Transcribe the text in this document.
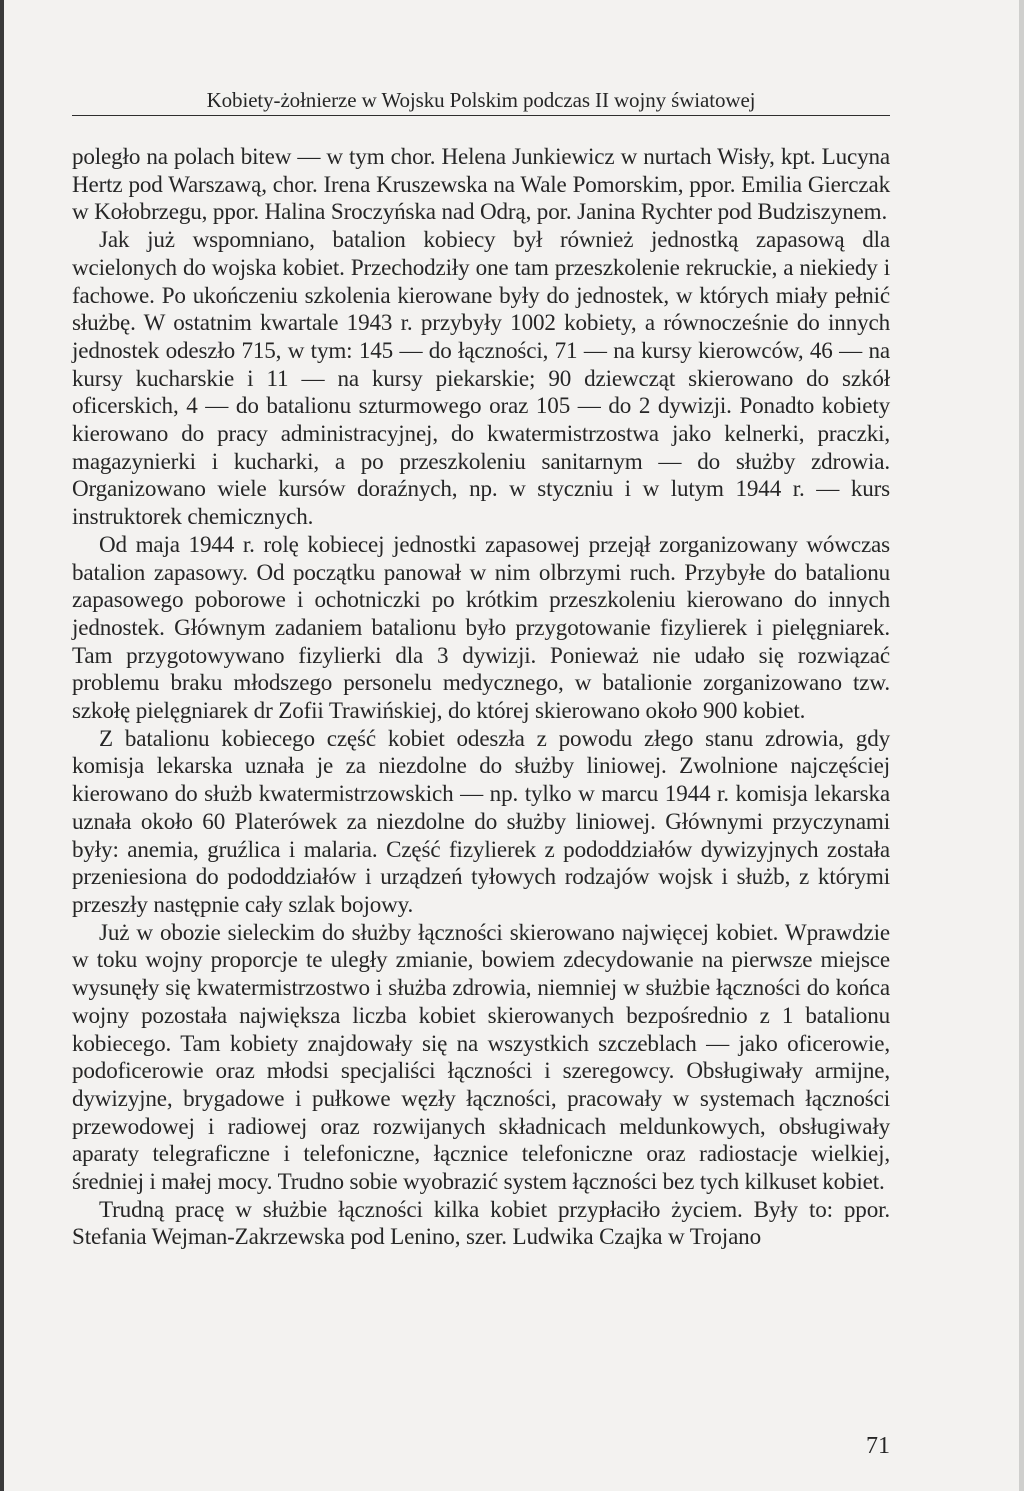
Kobiety-żołnierze w Wojsku Polskim podczas II wojny światowej

poległo na polach bitew — w tym chor. Helena Junkiewicz w nurtach Wisły, kpt. Lucyna Hertz pod Warszawą, chor. Irena Kruszewska na Wale Pomorskim, ppor. Emilia Gierczak w Kołobrzegu, ppor. Halina Sroczyńska nad Odrą, por. Janina Rychter pod Budziszynem.

Jak już wspomniano, batalion kobiecy był również jednostką zapasową dla wcielonych do wojska kobiet. Przechodziły one tam przeszkolenie rekruckie, a niekiedy i fachowe. Po ukończeniu szkolenia kierowane były do jednostek, w których miały pełnić służbę. W ostatnim kwartale 1943 r. przybyły 1002 kobiety, a równocześnie do innych jednostek odeszło 715, w tym: 145 — do łączności, 71 — na kursy kierowców, 46 — na kursy kucharskie i 11 — na kursy piekarskie; 90 dziewcząt skierowano do szkół oficerskich, 4 — do batalionu szturmowego oraz 105 — do 2 dywizji. Ponadto kobiety kierowano do pracy administracyjnej, do kwatermistrzostwa jako kelnerki, praczki, magazynierki i kucharki, a po przeszkoleniu sanitarnym — do służby zdrowia. Organizowano wiele kursów doraźnych, np. w styczniu i w lutym 1944 r. — kurs instruktorek chemicznych.

Od maja 1944 r. rolę kobiecej jednostki zapasowej przejął zorganizowany wówczas batalion zapasowy. Od początku panował w nim olbrzymi ruch. Przybyłe do batalionu zapasowego poborowe i ochotniczki po krótkim przeszkoleniu kierowano do innych jednostek. Głównym zadaniem batalionu było przygotowanie fizylierek i pielęgniarek. Tam przygotowywano fizylierki dla 3 dywizji. Ponieważ nie udało się rozwiązać problemu braku młodszego personelu medycznego, w batalionie zorganizowano tzw. szkołę pielęgniarek dr Zofii Trawińskiej, do której skierowano około 900 kobiet.

Z batalionu kobiecego część kobiet odeszła z powodu złego stanu zdrowia, gdy komisja lekarska uznała je za niezdolne do służby liniowej. Zwolnione najczęściej kierowano do służb kwatermistrzowskich — np. tylko w marcu 1944 r. komisja lekarska uznała około 60 Platerówek za niezdolne do służby liniowej. Głównymi przyczynami były: anemia, gruźlica i malaria. Część fizylierek z pododdziałów dywizyjnych została przeniesiona do pododdziałów i urządzeń tyłowych rodzajów wojsk i służb, z którymi przeszły następnie cały szlak bojowy.

Już w obozie sieleckim do służby łączności skierowano najwięcej kobiet. Wprawdzie w toku wojny proporcje te uległy zmianie, bowiem zdecydowanie na pierwsze miejsce wysunęły się kwatermistrzostwo i służba zdrowia, niemniej w służbie łączności do końca wojny pozostała największa liczba kobiet skierowanych bezpośrednio z 1 batalionu kobiecego. Tam kobiety znajdowały się na wszystkich szczeblach — jako oficerowie, podoficerowie oraz młodsi specjaliści łączności i szeregowcy. Obsługiwały armijne, dywizyjne, brygadowe i pułkowe węzły łączności, pracowały w systemach łączności przewodowej i radiowej oraz rozwijanych składnicach meldunkowych, obsługiwały aparaty telegraficzne i telefoniczne, łącznice telefoniczne oraz radiostacje wielkiej, średniej i małej mocy. Trudno sobie wyobrazić system łączności bez tych kilkuset kobiet.

Trudną pracę w służbie łączności kilka kobiet przypłaciło życiem. Były to: ppor. Stefania Wejman-Zakrzewska pod Lenino, szer. Ludwika Czajka w Trojano

71
